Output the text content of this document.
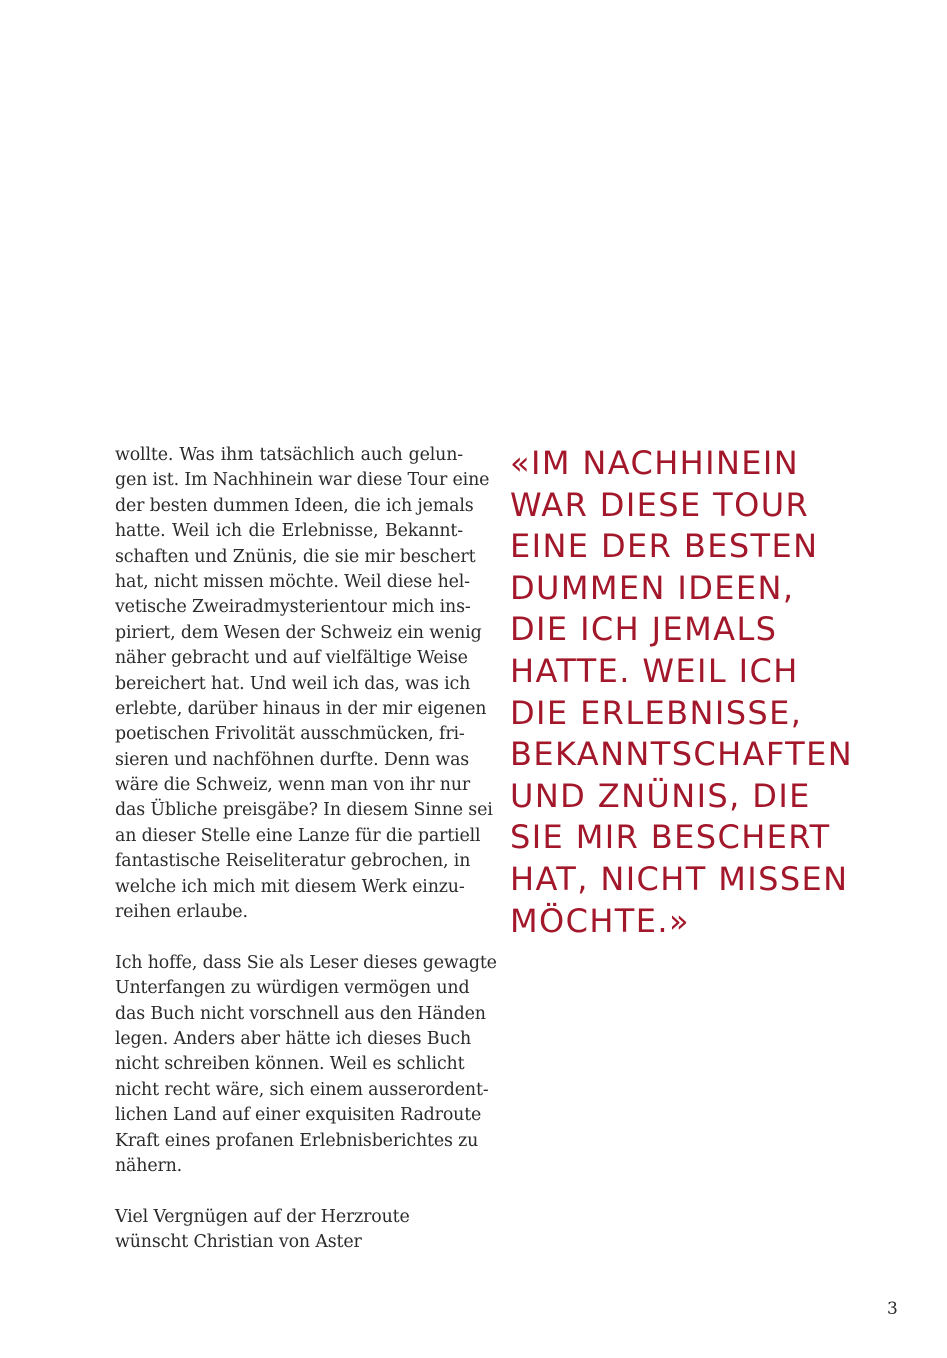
wollte. Was ihm tatsächlich auch gelun-
gen ist. Im Nachhinein war diese Tour eine
der besten dummen Ideen, die ich jemals
hatte. Weil ich die Erlebnisse, Bekannt-
schaften und Znünis, die sie mir beschert
hat, nicht missen möchte. Weil diese hel-
vetische Zweiradmysterientour mich ins-
piriert, dem Wesen der Schweiz ein wenig
näher gebracht und auf vielfältige Weise
bereichert hat. Und weil ich das, was ich
erlebte, darüber hinaus in der mir eigenen
poetischen Frivolität ausschmücken, fri-
sieren und nachföhnen durfte. Denn was
wäre die Schweiz, wenn man von ihr nur
das Übliche preisgäbe? In diesem Sinne sei
an dieser Stelle eine Lanze für die partiell
fantastische Reiseliteratur gebrochen, in
welche ich mich mit diesem Werk einzu-
reihen erlaube.
Ich hoffe, dass Sie als Leser dieses gewagte
Unterfangen zu würdigen vermögen und
das Buch nicht vorschnell aus den Händen
legen. Anders aber hätte ich dieses Buch
nicht schreiben können. Weil es schlicht
nicht recht wäre, sich einem ausserordent-
lichen Land auf einer exquisiten Radroute
Kraft eines profanen Erlebnisberichtes zu
nähern.
Viel Vergnügen auf der Herzroute
wünscht Christian von Aster
«IM NACHHINEIN
WAR DIESE TOUR
EINE DER BESTEN
DUMMEN IDEEN,
DIE ICH JEMALS
HATTE. WEIL ICH
DIE ERLEBNISSE,
BEKANNTSCHAFTEN
UND ZNÜNIS, DIE
SIE MIR BESCHERT
HAT, NICHT MISSEN
MÖCHTE.»
3
